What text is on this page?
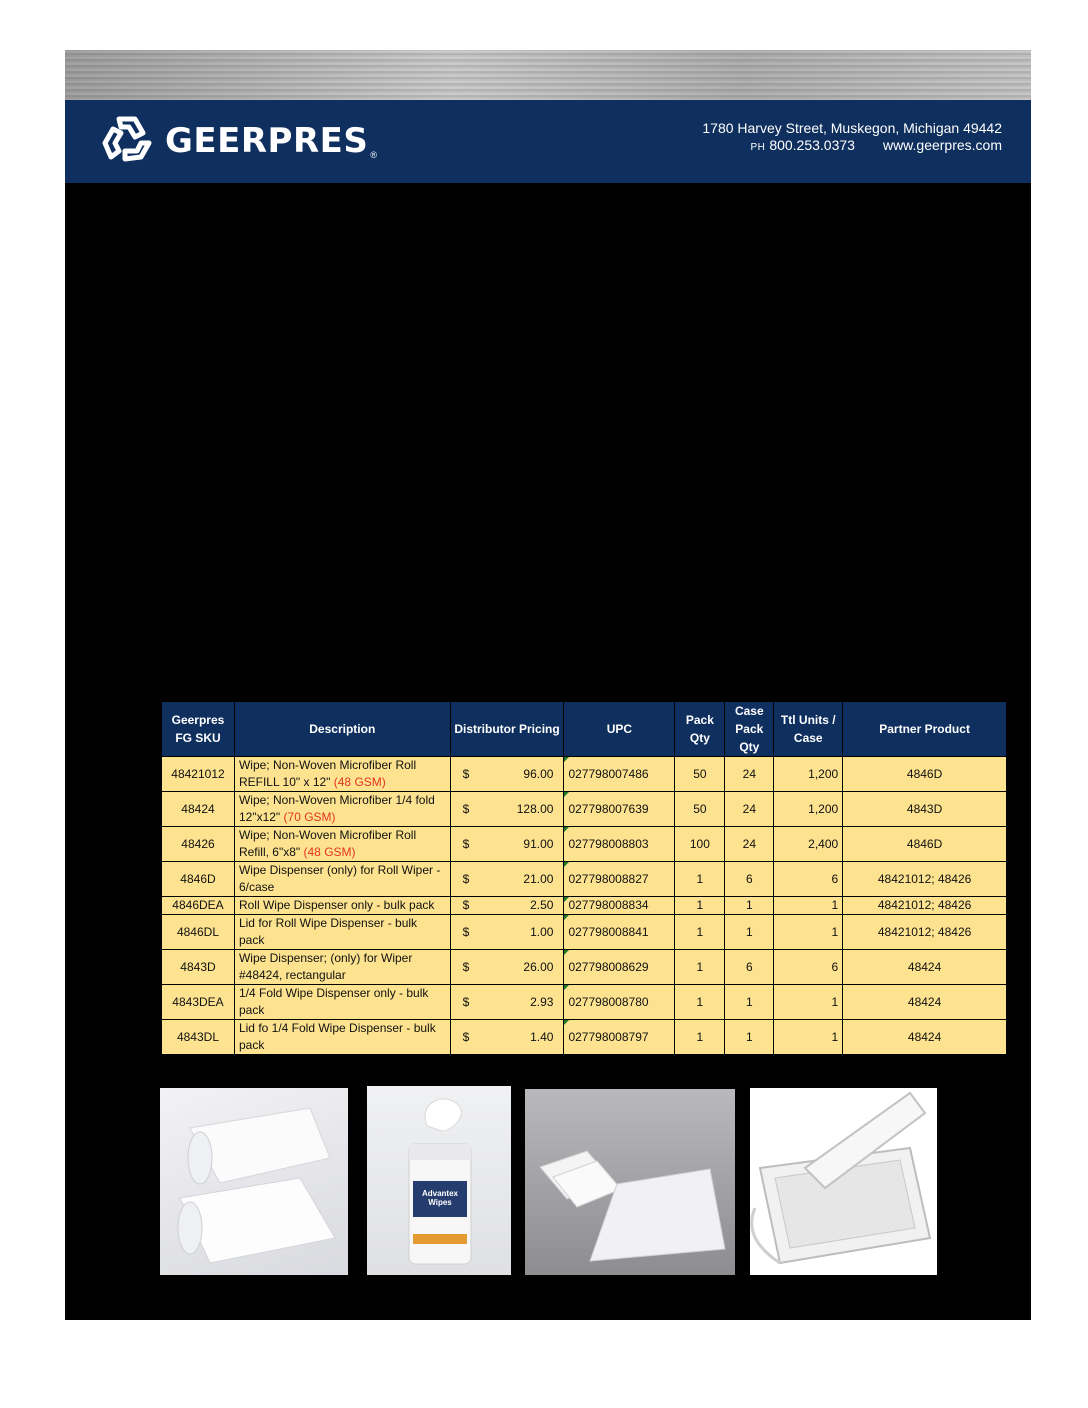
GEERPRES ®
1780 Harvey Street, Muskegon, Michigan 49442
PH 800.253.0373 www.geerpres.com
Geerpres FG SKU	Description	Distributor Pricing	UPC	Pack Qty	Case Pack Qty	Ttl Units / Case	Partner Product
48421012	Wipe; Non-Woven Microfiber Roll REFILL 10" x 12" (48 GSM)	$ 96.00	027798007486	50	24	1,200	4846D
48424	Wipe; Non-Woven Microfiber 1/4 fold 12"x12" (70 GSM)	$ 128.00	027798007639	50	24	1,200	4843D
48426	Wipe; Non-Woven Microfiber Roll Refill, 6"x8" (48 GSM)	$ 91.00	027798008803	100	24	2,400	4846D
4846D	Wipe Dispenser (only) for Roll Wiper - 6/case	$ 21.00	027798008827	1	6	6	48421012; 48426
4846DEA	Roll Wipe Dispenser only - bulk pack	$ 2.50	027798008834	1	1	1	48421012; 48426
4846DL	Lid for Roll Wipe Dispenser - bulk pack	$ 1.00	027798008841	1	1	1	48421012; 48426
4843D	Wipe Dispenser; (only) for Wiper #48424, rectangular	$ 26.00	027798008629	1	6	6	48424
4843DEA	1/4 Fold Wipe Dispenser only - bulk pack	$ 2.93	027798008780	1	1	1	48424
4843DL	Lid fo 1/4 Fold Wipe Dispenser - bulk pack	$ 1.40	027798008797	1	1	1	48424
Advantex Wipes
